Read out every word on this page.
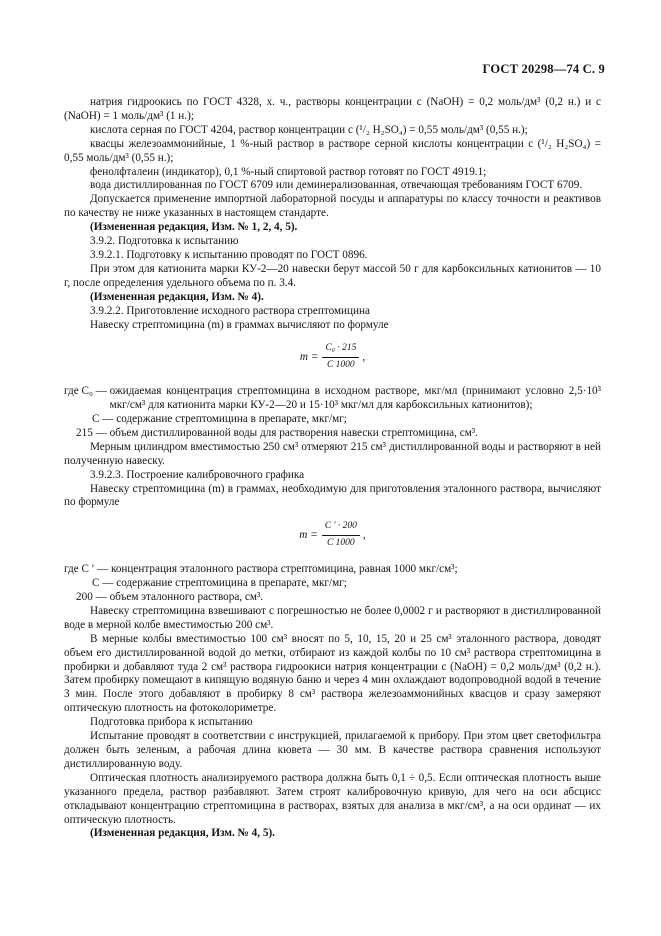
ГОСТ 20298—74 С. 9

натрия гидроокись по ГОСТ 4328, х. ч., растворы концентрации c (NaOH) = 0,2 моль/дм³ (0,2 н.) и c (NaOH) = 1 моль/дм³ (1 н.);

кислота серная по ГОСТ 4204, раствор концентрации c (¹/₂ H₂SO₄) = 0,55 моль/дм³ (0,55 н.);

квасцы железоаммонийные, 1 %-ный раствор в растворе серной кислоты концентрации c (¹/₂ H₂SO₄) = 0,55 моль/дм³ (0,55 н.);

фенолфталеин (индикатор), 0,1 %-ный спиртовой раствор готовят по ГОСТ 4919.1;

вода дистиллированная по ГОСТ 6709 или деминерализованная, отвечающая требованиям ГОСТ 6709.

Допускается применение импортной лабораторной посуды и аппаратуры по классу точности и реактивов по качеству не ниже указанных в настоящем стандарте.

(Измененная редакция, Изм. № 1, 2, 4, 5).

3.9.2. Подготовка к испытанию

3.9.2.1. Подготовку к испытанию проводят по ГОСТ 0896.

При этом для катионита марки КУ-2—20 навески берут массой 50 г для карбоксильных катионитов — 10 г, после определения удельного объема по п. 3.4.

(Измененная редакция, Изм. № 4).

3.9.2.2. Приготовление исходного раствора стрептомицина

Навеску стрептомицина (m) в граммах вычисляют по формуле

$m = \frac{\text{C₀ · 215}}{C 1000}$ ,
где C₀ — ожидаемая концентрация стрептомицина в исходном растворе, мкг/мл (принимают условно 2,5·10³ мкг/см³ для катионита марки КУ-2—20 и 15·10³ мкг/мл для карбоксильных катионитов);

C — содержание стрептомицина в препарате, мкг/мг;

215 — объем дистиллированной воды для растворения навески стрептомицина, см³.

Мерным цилиндром вместимостью 250 см³ отмеряют 215 см³ дистиллированной воды и растворяют в ней полученную навеску.

3.9.2.3. Построение калибровочного графика

Навеску стрептомицина (m) в граммах, необходимую для приготовления эталонного раствора, вычисляют по формуле

$m = \frac{C ' \cdot 200}{C 1000}$ ,

где C ′ — концентрация эталонного раствора стрептомицина, равная 1000 мкг/см³;

C — содержание стрептомицина в препарате, мкг/мг;

200 — объем эталонного раствора, см³.

Навеску стрептомицина взвешивают с погрешностью не более 0,0002 г и растворяют в дистиллированной воде в мерной колбе вместимостью 200 см³.

В мерные колбы вместимостью 100 см³ вносят по 5, 10, 15, 20 и 25 см³ эталонного раствора, доводят объем его дистиллированной водой до метки, отбирают из каждой колбы по 10 см³ раствора стрептомицина в пробирки и добавляют туда 2 см³ раствора гидроокиси натрия концентрации c (NaOH) = 0,2 моль/дм³ (0,2 н.). Затем пробирку помещают в кипящую водяную баню и через 4 мин охлаждают водопроводной водой в течение 3 мин. После этого добавляют в пробирку 8 см³ раствора железоаммонийных квасцов и сразу замеряют оптическую плотность на фотоколориметре.

Подготовка прибора к испытанию

Испытание проводят в соответствии с инструкцией, прилагаемой к прибору. При этом цвет светофильтра должен быть зеленым, а рабочая длина кювета — 30 мм. В качестве раствора сравнения используют дистиллированную воду.

Оптическая плотность анализируемого раствора должна быть 0,1 ÷ 0,5. Если оптическая плотность выше указанного предела, раствор разбавляют. Затем строят калибровочную кривую, для чего на оси абсцисс откладывают концентрацию стрептомицина в растворах, взятых для анализа в мкг/см³, а на оси ординат — их оптическую плотность.

(Измененная редакция, Изм. № 4, 5).
